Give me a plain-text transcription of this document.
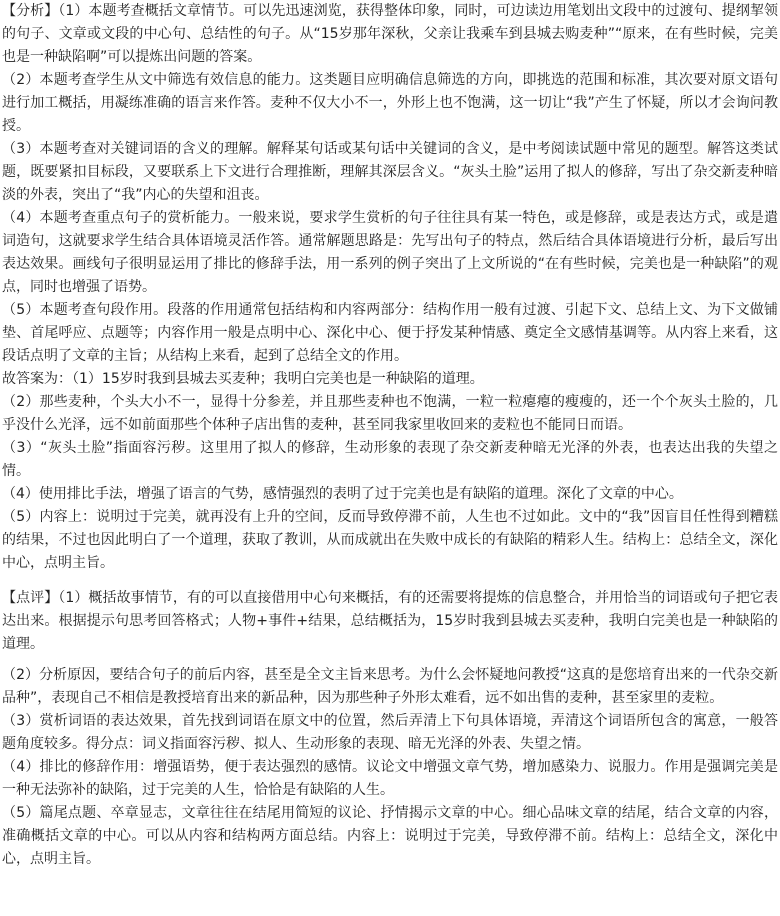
【分析】（1）本题考查概括文章情节。可以先迅速浏览，获得整体印象，同时，可边读边用笔划出文段中的过渡句、提纲挈领的句子、文章或文段的中心句、总结性的句子。从“15岁那年深秋，父亲让我乘车到县城去购麦种”“原来，在有些时候，完美也是一种缺陷啊”可以提炼出问题的答案。

（2）本题考查学生从文中筛选有效信息的能力。这类题目应明确信息筛选的方向，即挑选的范围和标准，其次要对原文语句进行加工概括，用凝练准确的语言来作答。麦种不仅大小不一，外形上也不饱满，这一切让“我”产生了怀疑，所以才会询问教授。

（3）本题考查对关键词语的含义的理解。解释某句话或某句话中关键词的含义，是中考阅读试题中常见的题型。解答这类试题，既要紧扣目标段，又要联系上下文进行合理推断，理解其深层含义。“灰头土脸”运用了拟人的修辞，写出了杂交新麦种暗淡的外表，突出了“我”内心的失望和沮丧。

（4）本题考查重点句子的赏析能力。一般来说，要求学生赏析的句子往往具有某一特色，或是修辞，或是表达方式，或是遣词造句，这就要求学生结合具体语境灵活作答。通常解题思路是：先写出句子的特点，然后结合具体语境进行分析，最后写出表达效果。画线句子很明显运用了排比的修辞手法，用一系列的例子突出了上文所说的“在有些时候，完美也是一种缺陷”的观点，同时也增强了语势。

（5）本题考查句段作用。段落的作用通常包括结构和内容两部分：结构作用一般有过渡、引起下文、总结上文、为下文做铺垫、首尾呼应、点题等；内容作用一般是点明中心、深化中心、便于抒发某种情感、奠定全文感情基调等。从内容上来看，这段话点明了文章的主旨；从结构上来看，起到了总结全文的作用。

故答案为：（1）15岁时我到县城去买麦种；我明白完美也是一种缺陷的道理。

（2）那些麦种，个头大小不一，显得十分参差，并且那些麦种也不饱满，一粒一粒瘪瘪的瘦瘦的，还一个个灰头土脸的，几乎没什么光泽，远不如前面那些个体种子店出售的麦种，甚至同我家里收回来的麦粒也不能同日而语。

（3）“灰头土脸”指面容污秽。这里用了拟人的修辞，生动形象的表现了杂交新麦种暗无光泽的外表，也表达出我的失望之情。

（4）使用排比手法，增强了语言的气势，感情强烈的表明了过于完美也是有缺陷的道理。深化了文章的中心。

（5）内容上：说明过于完美，就再没有上升的空间，反而导致停滞不前，人生也不过如此。文中的“我”因盲目任性得到糟糕的结果，不过也因此明白了一个道理，获取了教训，从而成就出在失败中成长的有缺陷的精彩人生。结构上：总结全文，深化中心，点明主旨。

【点评】（1）概括故事情节，有的可以直接借用中心句来概括，有的还需要将提炼的信息整合，并用恰当的词语或句子把它表达出来。根据提示句思考回答格式；人物+事件+结果，总结概括为，15岁时我到县城去买麦种，我明白完美也是一种缺陷的道理。

（2）分析原因，要结合句子的前后内容，甚至是全文主旨来思考。为什么会怀疑地问教授“这真的是您培育出来的一代杂交新品种”，表现自己不相信是教授培育出来的新品种，因为那些种子外形太难看，远不如出售的麦种，甚至家里的麦粒。

（3）赏析词语的表达效果，首先找到词语在原文中的位置，然后弄清上下句具体语境，弄清这个词语所包含的寓意，一般答题角度较多。得分点：词义指面容污秽、拟人、生动形象的表现、暗无光泽的外表、失望之情。

（4）排比的修辞作用：增强语势，便于表达强烈的感情。议论文中增强文章气势，增加感染力、说服力。作用是强调完美是一种无法弥补的缺陷，过于完美的人生，恰恰是有缺陷的人生。

（5）篇尾点题、卒章显志，文章往往在结尾用简短的议论、抒情揭示文章的中心。细心品味文章的结尾，结合文章的内容，准确概括文章的中心。可以从内容和结构两方面总结。内容上：说明过于完美，导致停滞不前。结构上：总结全文，深化中心，点明主旨。
